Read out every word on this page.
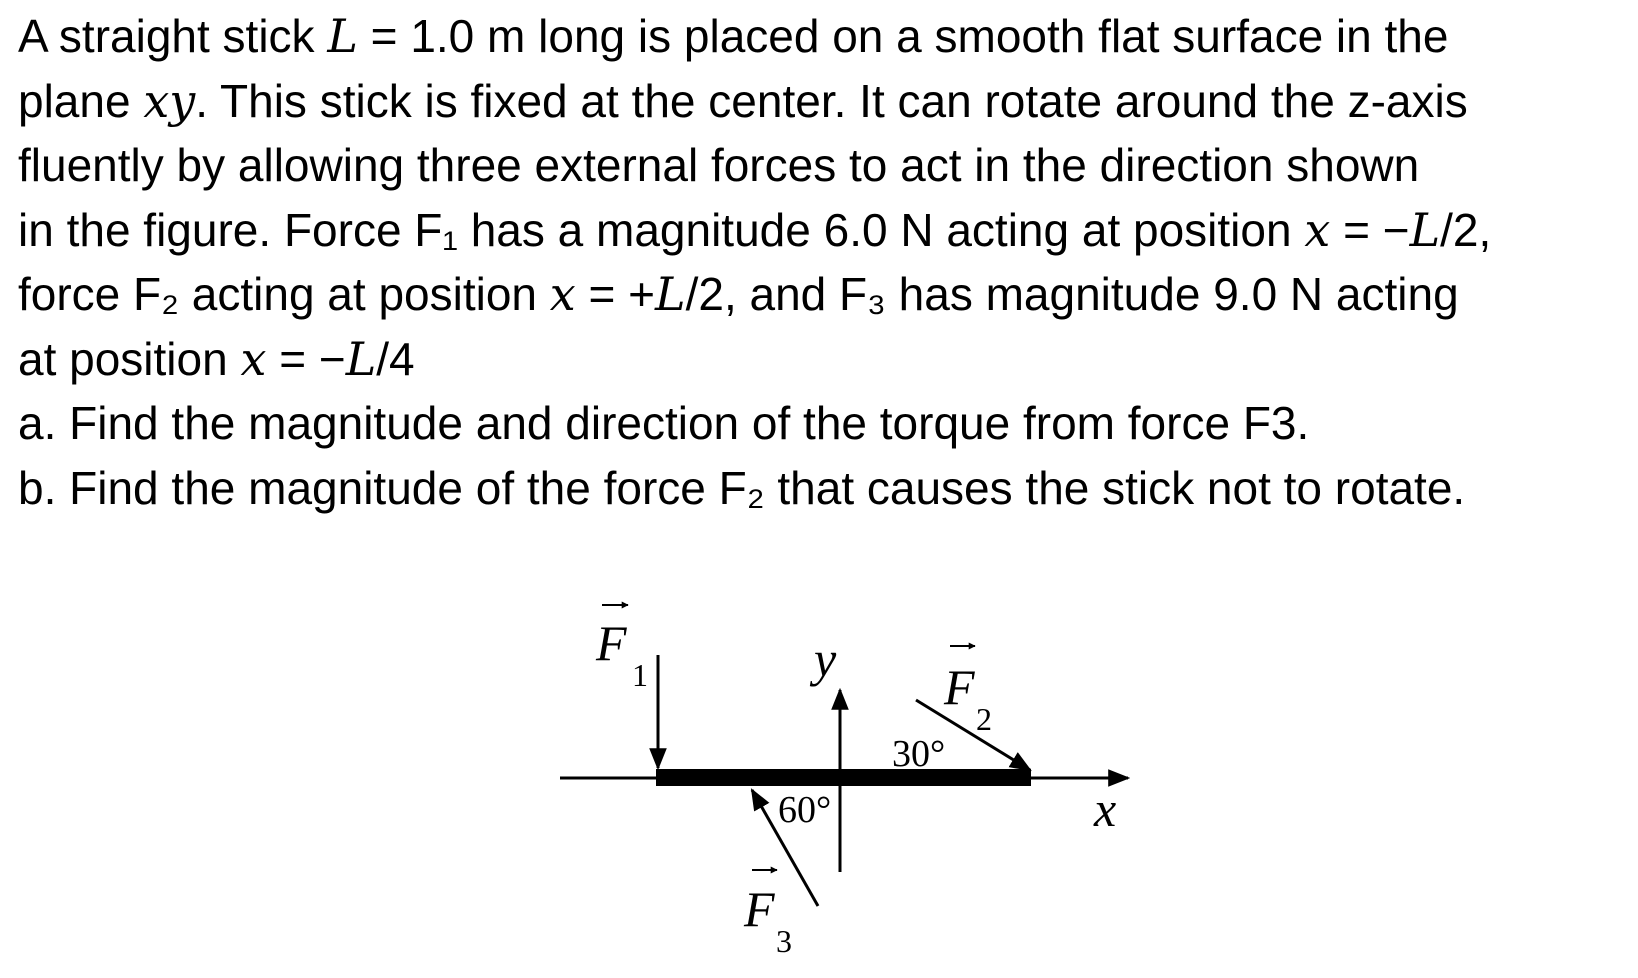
A straight stick L = 1.0 m long is placed on a smooth flat surface in the
plane xy. This stick is fixed at the center. It can rotate around the z-axis
fluently by allowing three external forces to act in the direction shown
in the figure. Force F₁ has a magnitude 6.0 N acting at position x = −L/2,
force F₂ acting at position x = +L/2, and F₃ has magnitude 9.0 N acting
at position x = −L/4
a. Find the magnitude and direction of the torque from force F3.
b. Find the magnitude of the force F₂ that causes the stick not to rotate.
F
1	y F
2
30°
60°	x
F
3
